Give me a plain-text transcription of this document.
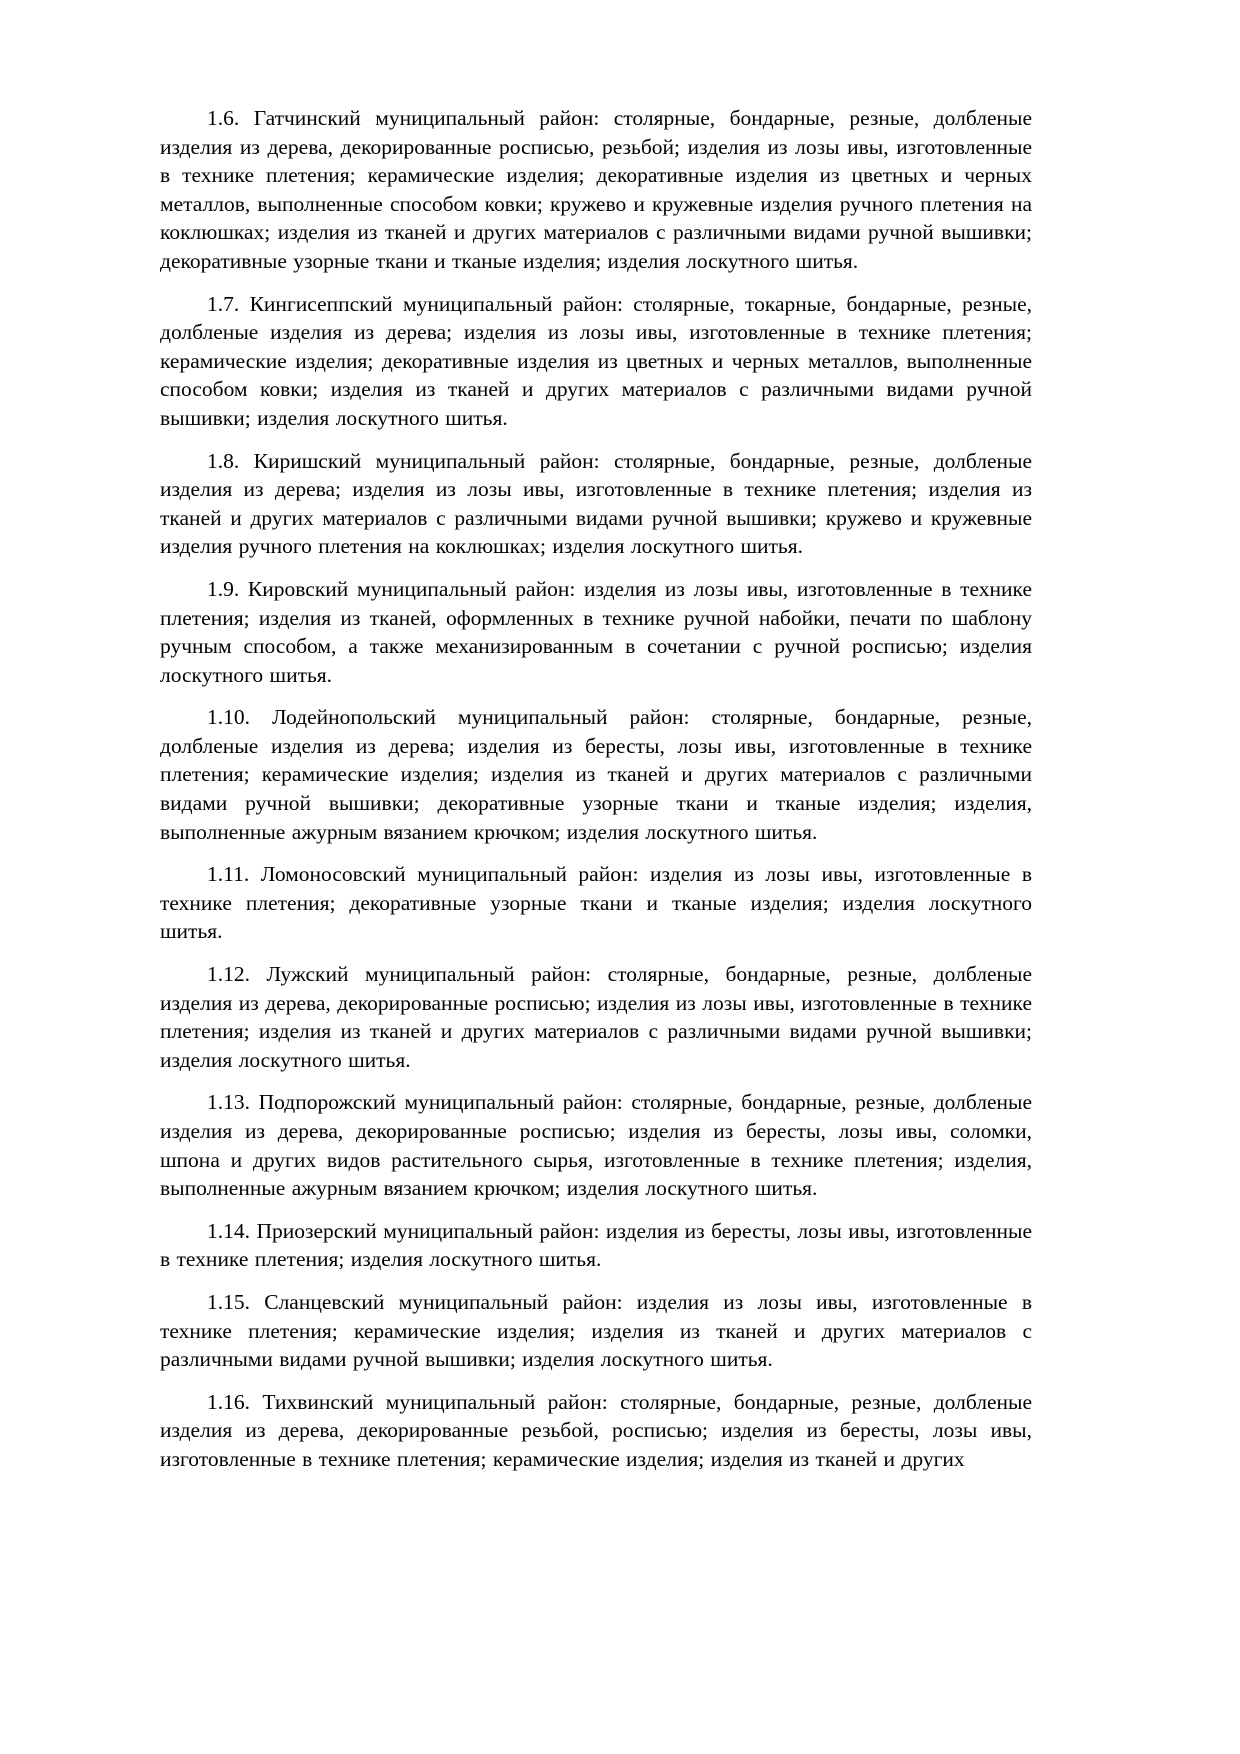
1.6. Гатчинский муниципальный район: столярные, бондарные, резные, долбленые изделия из дерева, декорированные росписью, резьбой; изделия из лозы ивы, изготовленные в технике плетения; керамические изделия; декоративные изделия из цветных и черных металлов, выполненные способом ковки; кружево и кружевные изделия ручного плетения на коклюшках; изделия из тканей и других материалов с различными видами ручной вышивки; декоративные узорные ткани и тканые изделия; изделия лоскутного шитья.

1.7. Кингисеппский муниципальный район: столярные, токарные, бондарные, резные, долбленые изделия из дерева; изделия из лозы ивы, изготовленные в технике плетения; керамические изделия; декоративные изделия из цветных и черных металлов, выполненные способом ковки; изделия из тканей и других материалов с различными видами ручной вышивки; изделия лоскутного шитья.

1.8. Киришский муниципальный район: столярные, бондарные, резные, долбленые изделия из дерева; изделия из лозы ивы, изготовленные в технике плетения; изделия из тканей и других материалов с различными видами ручной вышивки; кружево и кружевные изделия ручного плетения на коклюшках; изделия лоскутного шитья.

1.9. Кировский муниципальный район: изделия из лозы ивы, изготовленные в технике плетения; изделия из тканей, оформленных в технике ручной набойки, печати по шаблону ручным способом, а также механизированным в сочетании с ручной росписью; изделия лоскутного шитья.

1.10. Лодейнопольский муниципальный район: столярные, бондарные, резные, долбленые изделия из дерева; изделия из бересты, лозы ивы, изготовленные в технике плетения; керамические изделия; изделия из тканей и других материалов с различными видами ручной вышивки; декоративные узорные ткани и тканые изделия; изделия, выполненные ажурным вязанием крючком; изделия лоскутного шитья.

1.11. Ломоносовский муниципальный район: изделия из лозы ивы, изготовленные в технике плетения; декоративные узорные ткани и тканые изделия; изделия лоскутного шитья.

1.12. Лужский муниципальный район: столярные, бондарные, резные, долбленые изделия из дерева, декорированные росписью; изделия из лозы ивы, изготовленные в технике плетения; изделия из тканей и других материалов с различными видами ручной вышивки; изделия лоскутного шитья.

1.13. Подпорожский муниципальный район: столярные, бондарные, резные, долбленые изделия из дерева, декорированные росписью; изделия из бересты, лозы ивы, соломки, шпона и других видов растительного сырья, изготовленные в технике плетения; изделия, выполненные ажурным вязанием крючком; изделия лоскутного шитья.

1.14. Приозерский муниципальный район: изделия из бересты, лозы ивы, изготовленные в технике плетения; изделия лоскутного шитья.

1.15. Сланцевский муниципальный район: изделия из лозы ивы, изготовленные в технике плетения; керамические изделия; изделия из тканей и других материалов с различными видами ручной вышивки; изделия лоскутного шитья.

1.16. Тихвинский муниципальный район: столярные, бондарные, резные, долбленые изделия из дерева, декорированные резьбой, росписью; изделия из бересты, лозы ивы, изготовленные в технике плетения; керамические изделия; изделия из тканей и других
